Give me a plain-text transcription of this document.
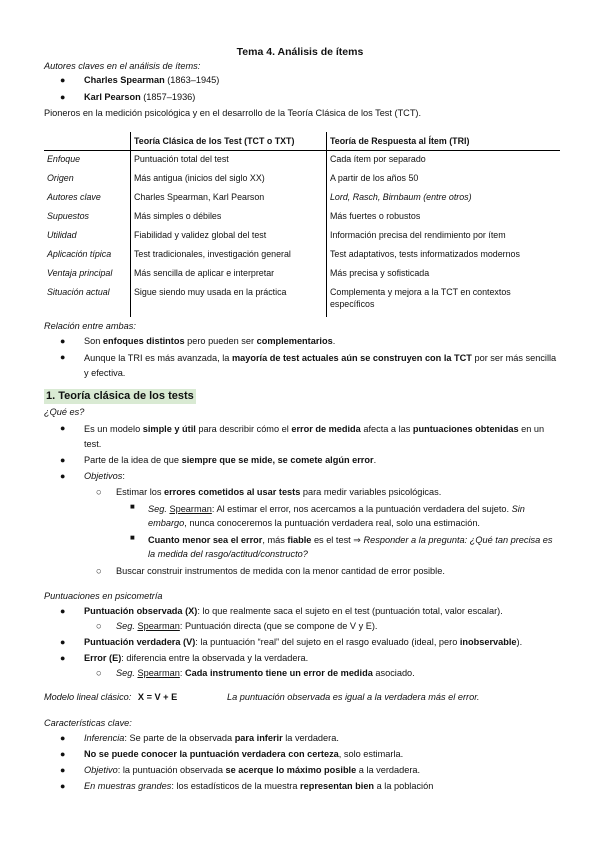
Tema 4. Análisis de ítems
Autores claves en el análisis de ítems:
● Charles Spearman (1863–1945)
● Karl Pearson (1857–1936)
Pioneros en la medición psicológica y en el desarrollo de la Teoría Clásica de los Test (TCT).
	Teoría Clásica de los Test (TCT o TXT)	Teoría de Respuesta al Ítem (TRI)
Enfoque	Puntuación total del test	Cada ítem por separado
Origen	Más antigua (inicios del siglo XX)	A partir de los años 50
Autores clave	Charles Spearman, Karl Pearson	Lord, Rasch, Birnbaum (entre otros)
Supuestos	Más simples o débiles	Más fuertes o robustos
Utilidad	Fiabilidad y validez global del test	Información precisa del rendimiento por ítem
Aplicación típica	Test tradicionales, investigación general	Test adaptativos, tests informatizados modernos
Ventaja principal	Más sencilla de aplicar e interpretar	Más precisa y sofisticada
Situación actual	Sigue siendo muy usada en la práctica	Complementa y mejora a la TCT en contextos específicos
Relación entre ambas:
● Son enfoques distintos pero pueden ser complementarios.
● Aunque la TRI es más avanzada, la mayoría de test actuales aún se construyen con la TCT por ser más sencilla y efectiva.
1. Teoría clásica de los tests
¿Qué es?
● Es un modelo simple y útil para describir cómo el error de medida afecta a las puntuaciones obtenidas en un test.
● Parte de la idea de que siempre que se mide, se comete algún error.
● Objetivos:
○ Estimar los errores cometidos al usar tests para medir variables psicológicas.
■ Seg. Spearman: Al estimar el error, nos acercamos a la puntuación verdadera del sujeto. Sin embargo, nunca conoceremos la puntuación verdadera real, solo una estimación.
■ Cuanto menor sea el error, más fiable es el test ⇒ Responder a la pregunta: ¿Qué tan precisa es la medida del rasgo/actitud/constructo?
○ Buscar construir instrumentos de medida con la menor cantidad de error posible.
Puntuaciones en psicometría
● Puntuación observada (X): lo que realmente saca el sujeto en el test (puntuación total, valor escalar).
○ Seg. Spearman: Puntuación directa (que se compone de V y E).
● Puntuación verdadera (V): la puntuación “real” del sujeto en el rasgo evaluado (ideal, pero inobservable).
● Error (E): diferencia entre la observada y la verdadera.
○ Seg. Spearman: Cada instrumento tiene un error de medida asociado.
Modelo lineal clásico: X = V + E	La puntuación observada es igual a la verdadera más el error.
Características clave:
● Inferencia: Se parte de la observada para inferir la verdadera.
● No se puede conocer la puntuación verdadera con certeza, solo estimarla.
● Objetivo: la puntuación observada se acerque lo máximo posible a la verdadera.
● En muestras grandes: los estadísticos de la muestra representan bien a la población
